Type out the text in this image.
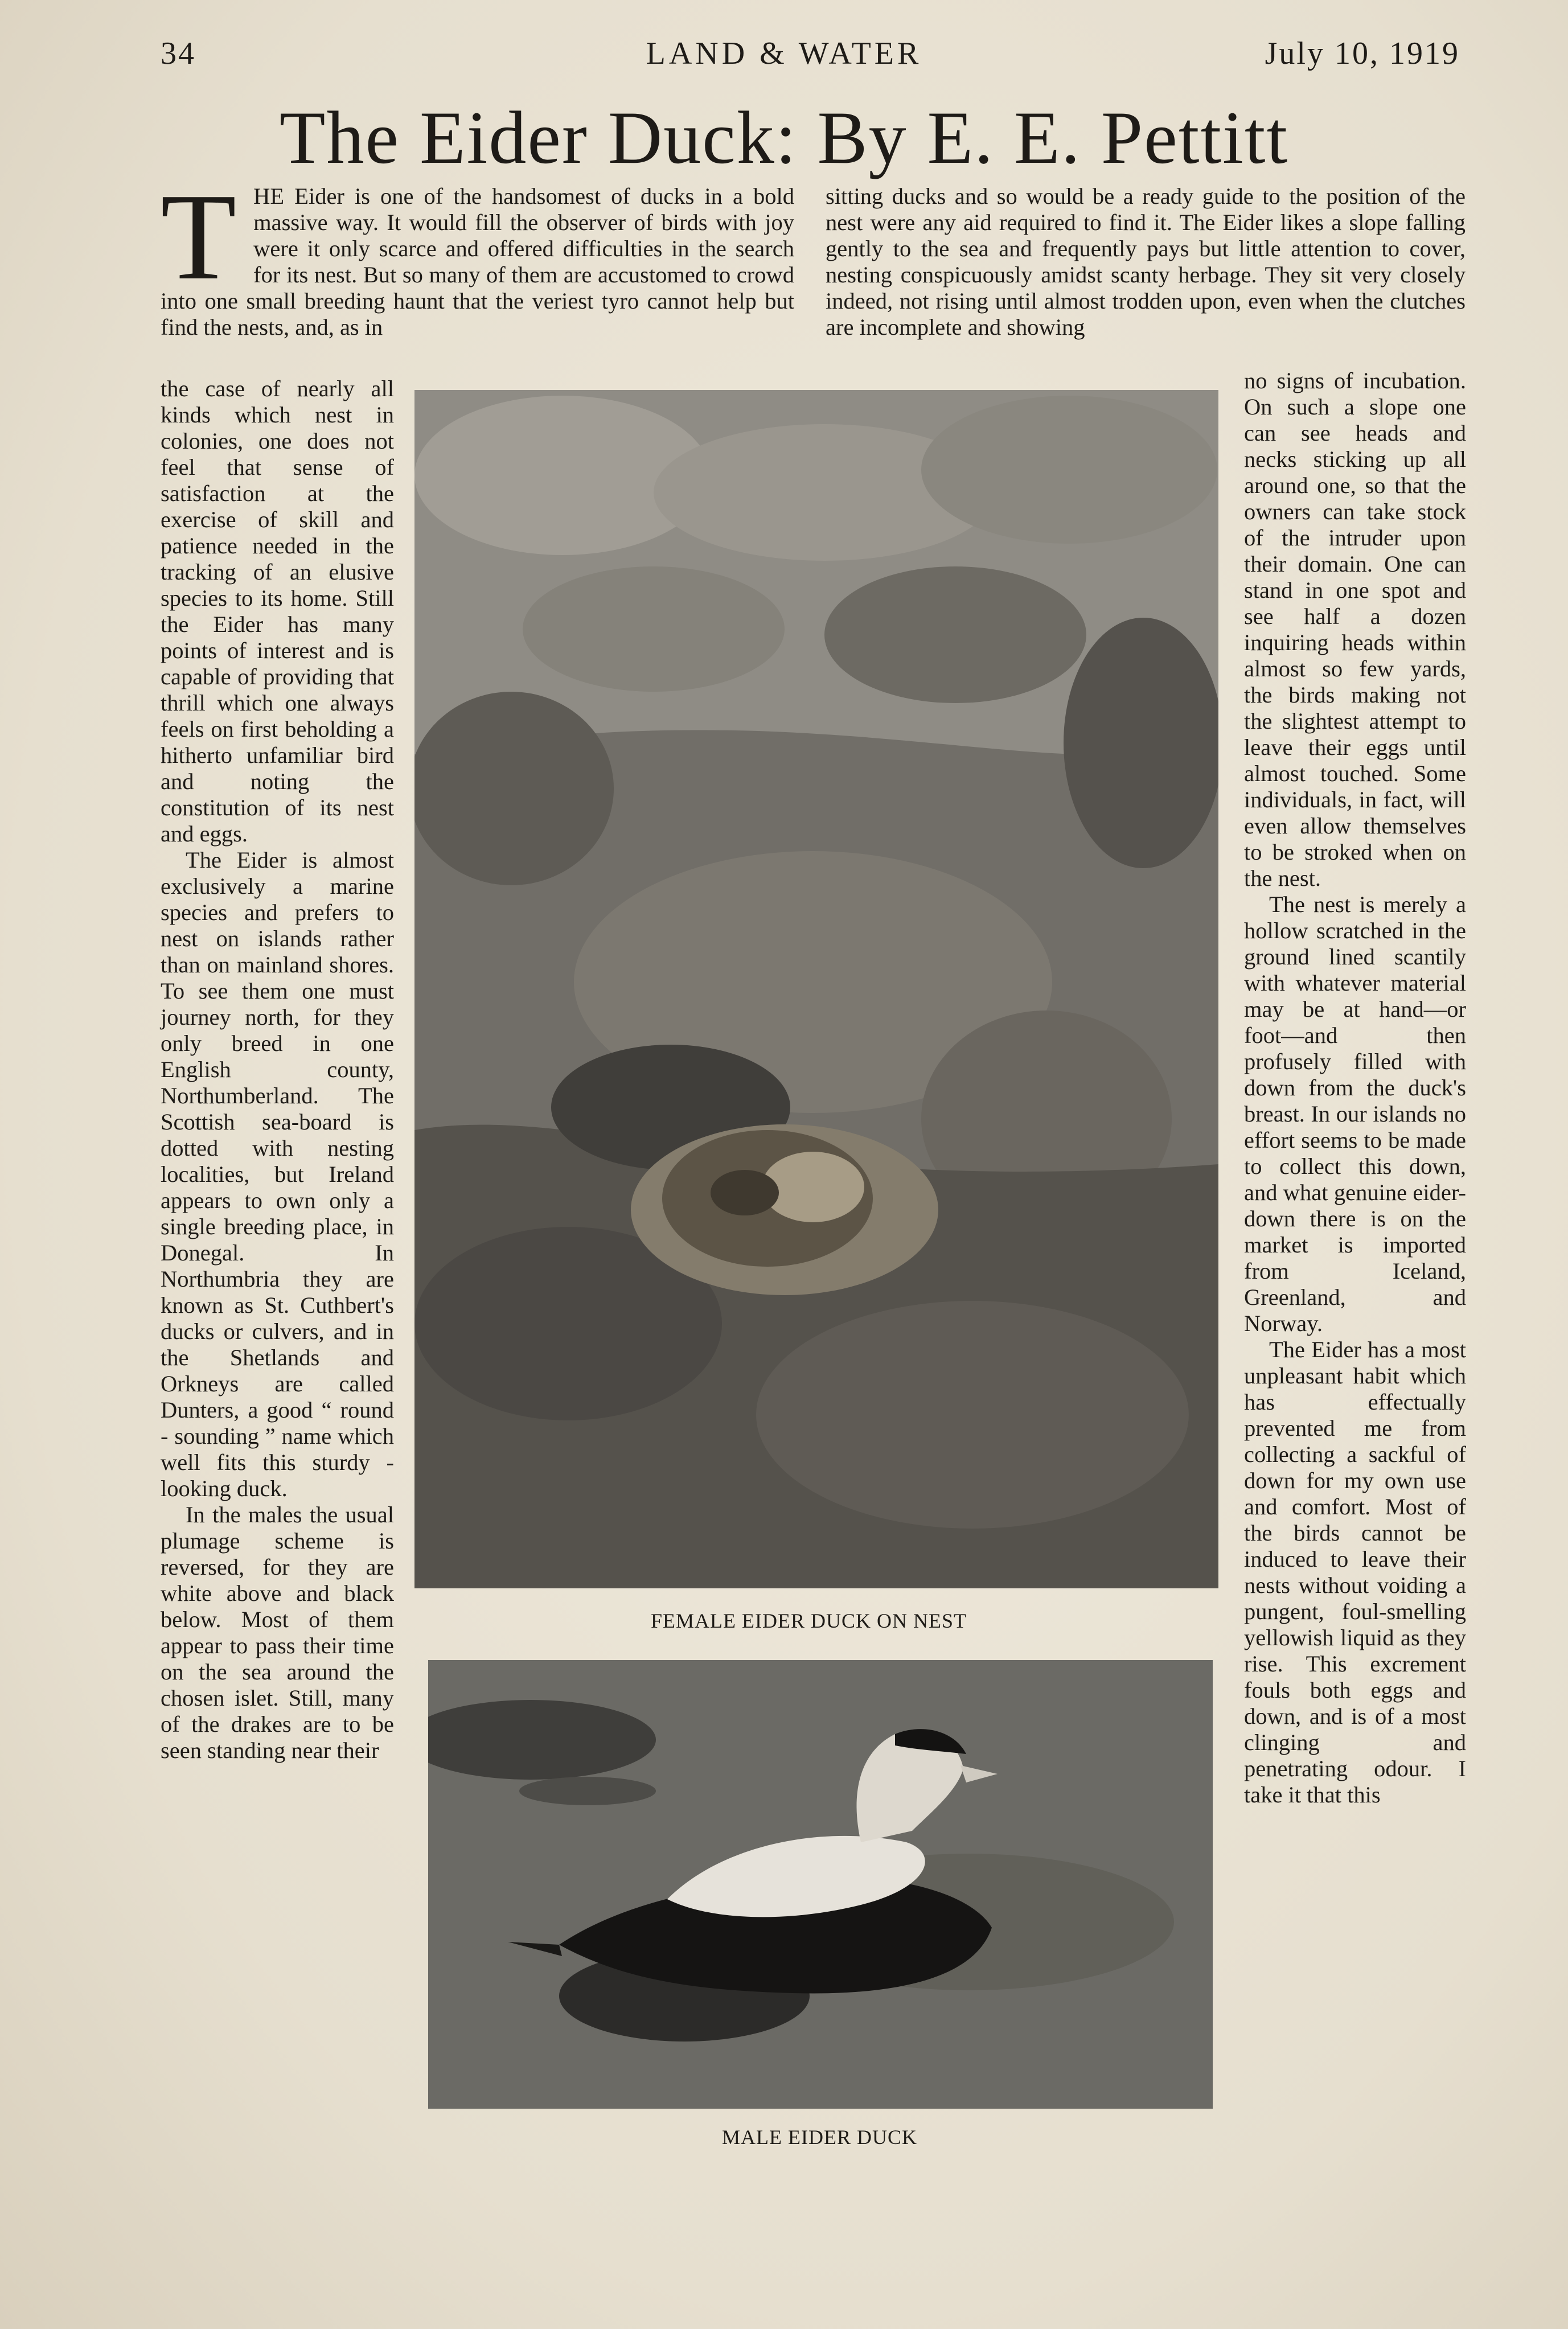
34	LAND & WATER	July 10, 1919
The Eider Duck: By E. E. Pettitt
T HE Eider is one of the handsomest of ducks in a bold massive way. It would fill the observer of birds with joy were it only scarce and offered difficulties in the search for its nest. But so many of them are accustomed to crowd into one small breeding haunt that the veriest tyro cannot help but find the nests, and, as in

the case of nearly all kinds which nest in colonies, one does not feel that sense of satisfaction at the exercise of skill and patience needed in the tracking of an elusive species to its home. Still the Eider has many points of interest and is capable of providing that thrill which one always feels on first beholding a hitherto unfamiliar bird and noting the constitution of its nest and eggs.

The Eider is almost exclusively a marine species and prefers to nest on islands rather than on mainland shores. To see them one must journey north, for they only breed in one English county, Northumberland. The Scottish sea-board is dotted with nesting localities, but Ireland appears to own only a single breeding place, in Donegal. In Northumbria they are known as St. Cuthbert's ducks or culvers, and in the Shetlands and Orkneys are called Dunters, a good “ round - sounding ” name which well fits this sturdy - looking duck.

In the males the usual plumage scheme is reversed, for they are white above and black below. Most of them appear to pass their time on the sea around the chosen islet. Still, many of the drakes are to be seen standing near their

sitting ducks and so would be a ready guide to the position of the nest were any aid required to find it. The Eider likes a slope falling gently to the sea and frequently pays but little attention to cover, nesting conspicuously amidst scanty herbage. They sit very closely indeed, not rising until almost trodden upon, even when the clutches are incomplete and showing

no signs of incubation. On such a slope one can see heads and necks sticking up all around one, so that the owners can take stock of the intruder upon their domain. One can stand in one spot and see half a dozen inquiring heads within almost so few yards, the birds making not the slightest attempt to leave their eggs until almost touched. Some individuals, in fact, will even allow themselves to be stroked when on the nest.

The nest is merely a hollow scratched in the ground lined scantily with whatever material may be at hand—or foot—and then profusely filled with down from the duck's breast. In our islands no effort seems to be made to collect this down, and what genuine eider-down there is on the market is imported from Iceland, Greenland, and Norway.

The Eider has a most unpleasant habit which has effectually prevented me from collecting a sackful of down for my own use and comfort. Most of the birds cannot be induced to leave their nests without voiding a pungent, foul-smelling yellowish liquid as they rise. This excrement fouls both eggs and down, and is of a most clinging and penetrating odour. I take it that this

FEMALE EIDER DUCK ON NEST
MALE EIDER DUCK
